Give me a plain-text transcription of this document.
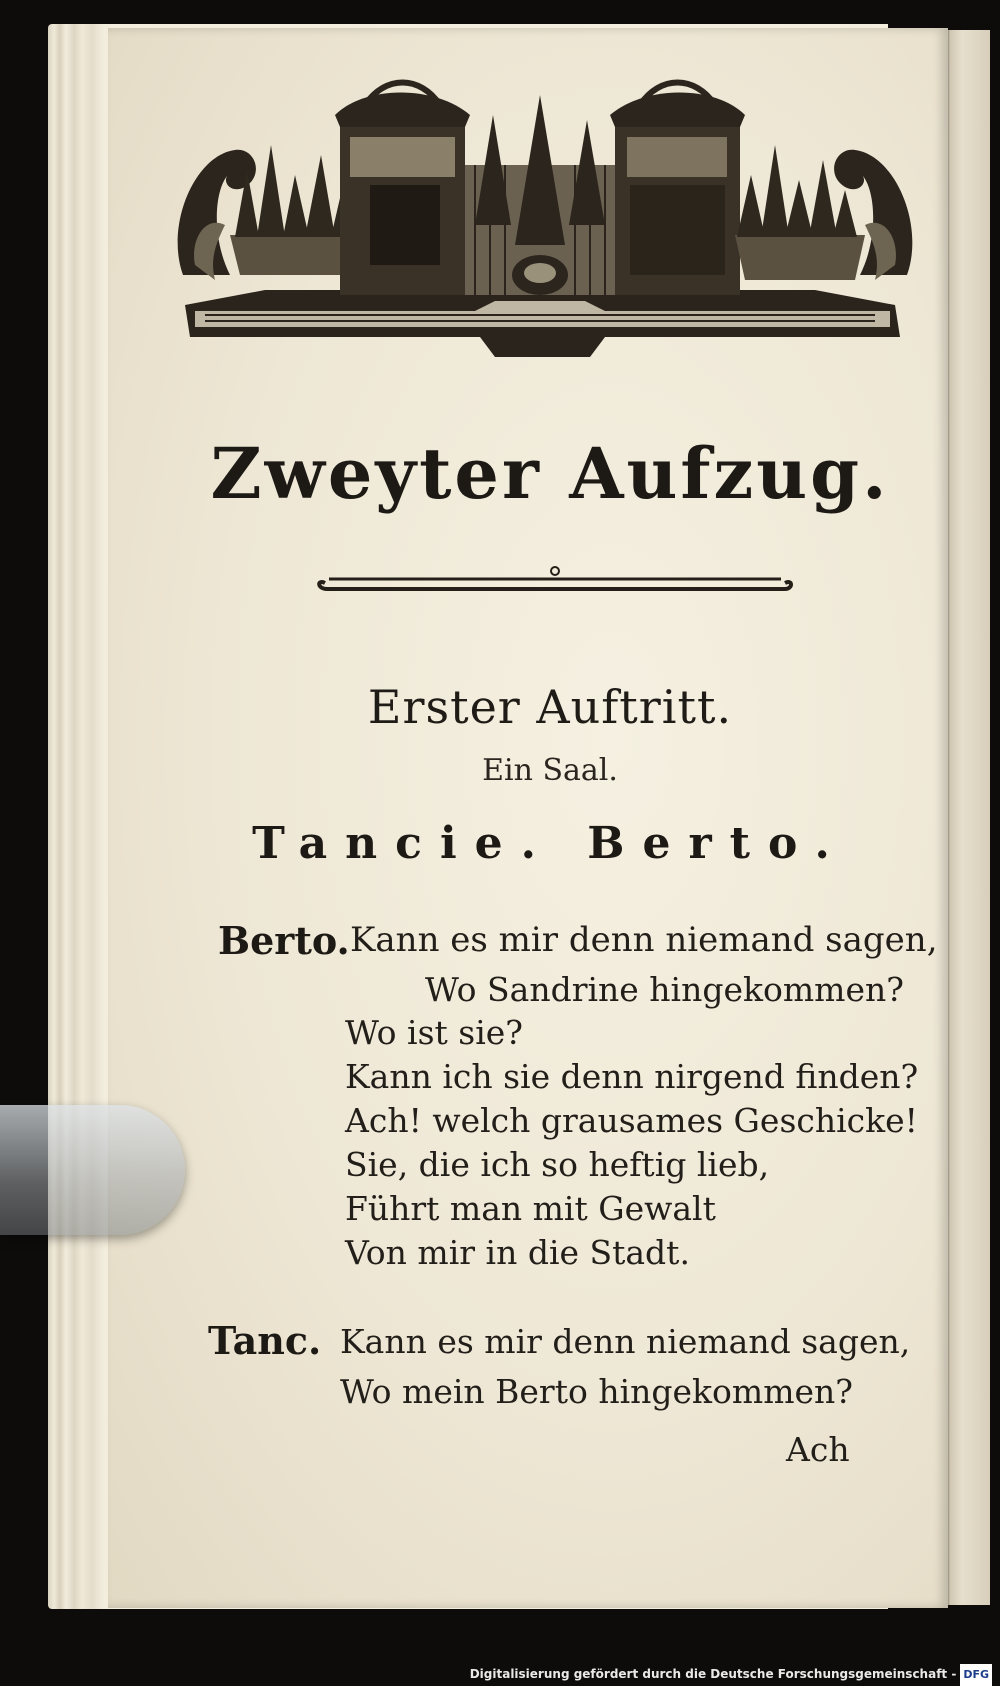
Zweyter Aufzug.
Erster Auftritt.
Ein Saal.
Tancie. Berto.
Berto. Kann es mir denn niemand sagen,
Wo Sandrine hingekommen?
Wo ist sie?
Kann ich sie denn nirgend finden?
Ach! welch grausames Geschicke!
Sie, die ich so heftig lieb,
Führt man mit Gewalt
Von mir in die Stadt.
Tanc. Kann es mir denn niemand sagen,
Wo mein Berto hingekommen?
Ach
Digitalisierung gefördert durch die Deutsche Forschungsgemeinschaft - DFG
